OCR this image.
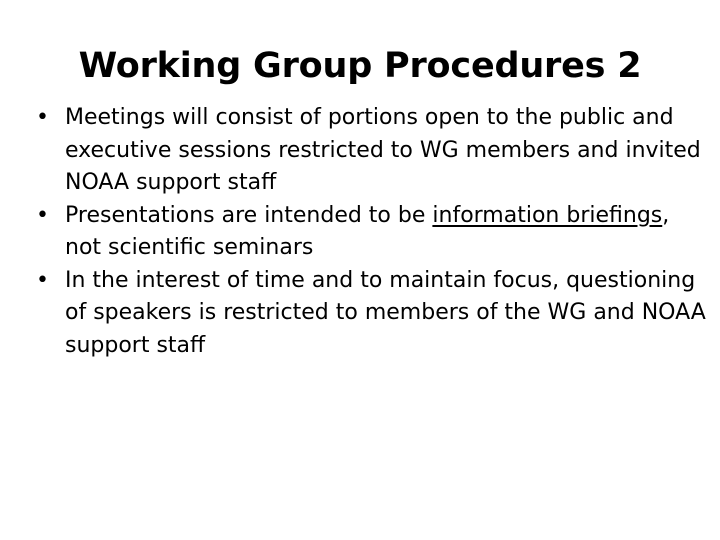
Working Group Procedures 2
• Meetings will consist of portions open to the public and executive sessions restricted to WG members and invited NOAA support staff
• Presentations are intended to be information briefings, not scientific seminars
• In the interest of time and to maintain focus, questioning of speakers is restricted to members of the WG and NOAA support staff
